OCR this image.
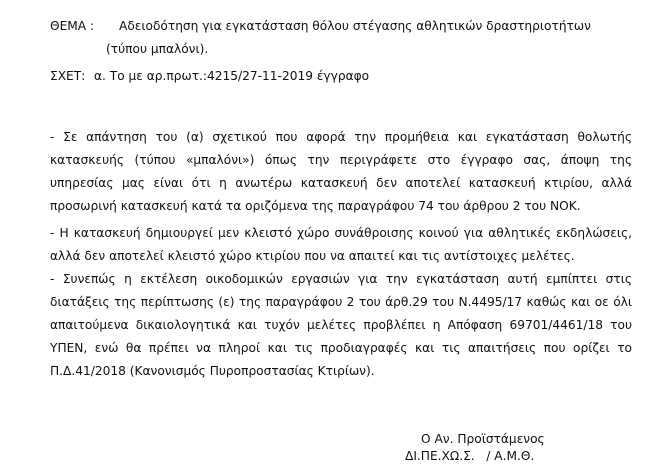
ΘΕΜΑ : Αδειοδότηση για εγκατάσταση θόλου στέγασης αθλητικών δραστηριοτήτων
(τύπου μπαλόνι).
ΣΧΕΤ: α. Το με αρ.πρωτ.:4215/27-11-2019 έγγραφο

- Σε απάντηση του (α) σχετικού που αφορά την προμήθεια και εγκατάσταση θολωτής κατασκευής (τύπου «μπαλόνι») όπως την περιγράφετε στο έγγραφο σας, άποψη της υπηρεσίας μας είναι ότι η ανωτέρω κατασκευή δεν αποτελεί κατασκευή κτιρίου, αλλά προσωρινή κατασκευή κατά τα οριζόμενα της παραγράφου 74 του άρθρου 2 του ΝΟΚ.

- Η κατασκευή δημιουργεί μεν κλειστό χώρο συνάθροισης κοινού για αθλητικές εκδηλώσεις, αλλά δεν αποτελεί κλειστό χώρο κτιρίου που να απαιτεί και τις αντίστοιχες μελέτες.

- Συνεπώς η εκτέλεση οικοδομικών εργασιών για την εγκατάσταση αυτή εμπίπτει στις διατάξεις της περίπτωσης (ε) της παραγράφου 2 του άρθ.29 του Ν.4495/17 καθώς και οε όλι απαιτούμενα δικαιολογητικά και τυχόν μελέτες προβλέπει η Απόφαση 69701/4461/18 του ΥΠΕΝ, ενώ θα πρέπει να πληροί και τις προδιαγραφές και τις απαιτήσεις που ορίζει το Π.Δ.41/2018 (Κανονισμός Πυροπροστασίας Κτιρίων).

Ο Αν. Προϊστάμενος
ΔΙ.ΠΕ.ΧΩ.Σ.   / Α.Μ.Θ.
